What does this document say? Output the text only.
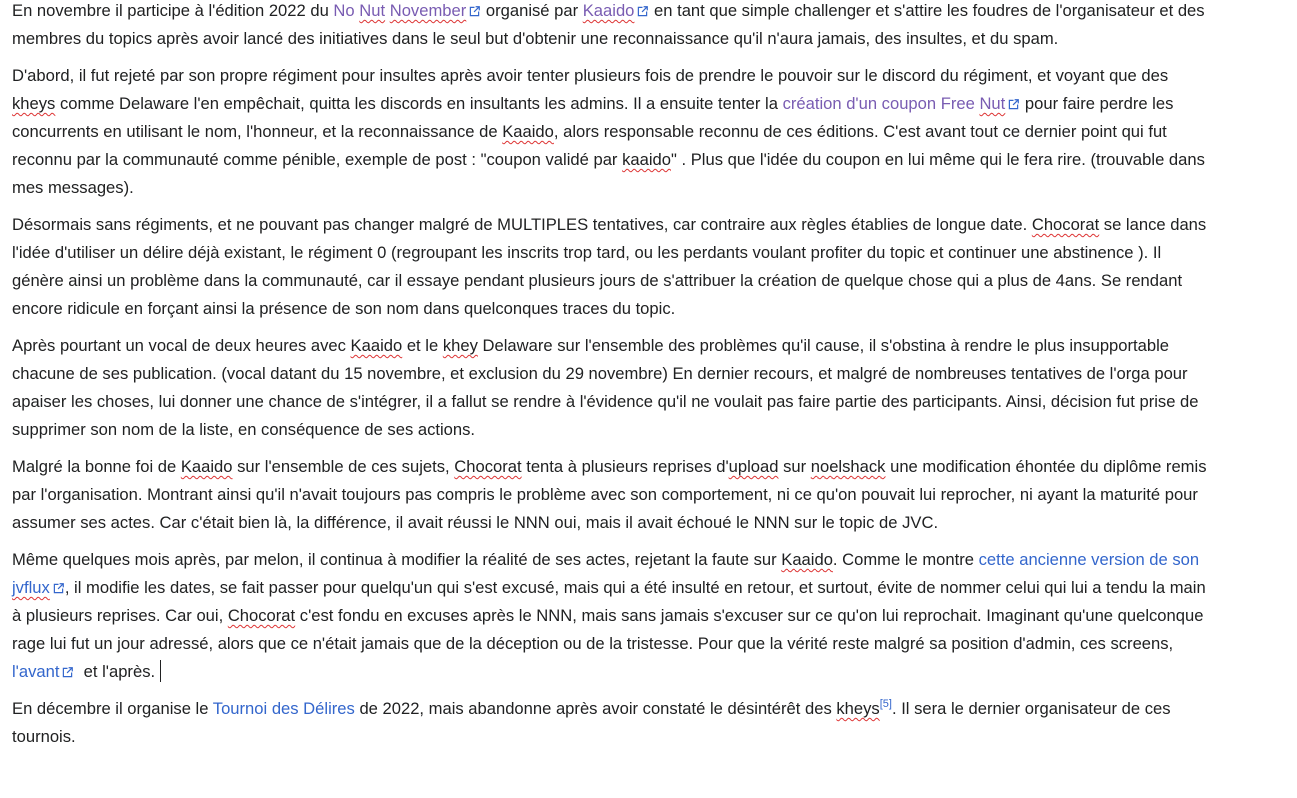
En novembre il participe à l'édition 2022 du No Nut November
organisé par Kaaido
en tant que simple challenger et s'attire les foudres de l'organisateur et des membres du topics après avoir lancé des initiatives dans le seul but d'obtenir une reconnaissance qu'il n'aura jamais, des insultes, et du spam.

D'abord, il fut rejeté par son propre régiment pour insultes après avoir tenter plusieurs fois de prendre le pouvoir sur le discord du régiment, et voyant que des kheys comme Delaware l'en empêchait, quitta les discords en insultants les admins. Il a ensuite tenter la création d'un coupon Free Nut
pour faire perdre les concurrents en utilisant le nom, l'honneur, et la reconnaissance de Kaaido, alors responsable reconnu de ces éditions. C'est avant tout ce dernier point qui fut reconnu par la communauté comme pénible, exemple de post : "coupon validé par kaaido" . Plus que l'idée du coupon en lui même qui le fera rire. (trouvable dans mes messages).

Désormais sans régiments, et ne pouvant pas changer malgré de MULTIPLES tentatives, car contraire aux règles établies de longue date. Chocorat se lance dans l'idée d'utiliser un délire déjà existant, le régiment 0 (regroupant les inscrits trop tard, ou les perdants voulant profiter du topic et continuer une abstinence ). Il génère ainsi un problème dans la communauté, car il essaye pendant plusieurs jours de s'attribuer la création de quelque chose qui a plus de 4ans. Se rendant encore ridicule en forçant ainsi la présence de son nom dans quelconques traces du topic.

Après pourtant un vocal de deux heures avec Kaaido et le khey Delaware sur l'ensemble des problèmes qu'il cause, il s'obstina à rendre le plus insupportable chacune de ses publication. (vocal datant du 15 novembre, et exclusion du 29 novembre) En dernier recours, et malgré de nombreuses tentatives de l'orga pour apaiser les choses, lui donner une chance de s'intégrer, il a fallut se rendre à l'évidence qu'il ne voulait pas faire partie des participants. Ainsi, décision fut prise de supprimer son nom de la liste, en conséquence de ses actions.

Malgré la bonne foi de Kaaido sur l'ensemble de ces sujets, Chocorat tenta à plusieurs reprises d'upload sur noelshack une modification éhontée du diplôme remis par l'organisation. Montrant ainsi qu'il n'avait toujours pas compris le problème avec son comportement, ni ce qu'on pouvait lui reprocher, ni ayant la maturité pour assumer ses actes. Car c'était bien là, la différence, il avait réussi le NNN oui, mais il avait échoué le NNN sur le topic de JVC.

Même quelques mois après, par melon, il continua à modifier la réalité de ses actes, rejetant la faute sur Kaaido. Comme le montre cette ancienne version de son jvflux , il modifie les dates, se fait passer pour quelqu'un qui s'est excusé, mais qui a été insulté en retour, et surtout, évite de nommer celui qui lui a tendu la main à plusieurs reprises. Car oui, Chocorat c'est fondu en excuses après le NNN, mais sans jamais s'excuser sur ce qu'on lui reprochait. Imaginant qu'une quelconque rage lui fut un jour adressé, alors que ce n'était jamais que de la déception ou de la tristesse. Pour que la vérité reste malgré sa position d'admin, ces screens, l'avant
et l'après.

En décembre il organise le Tournoi des Délires de 2022, mais abandonne après avoir constaté le désintérêt des kheys[5]. Il sera le dernier organisateur de ces tournois.
